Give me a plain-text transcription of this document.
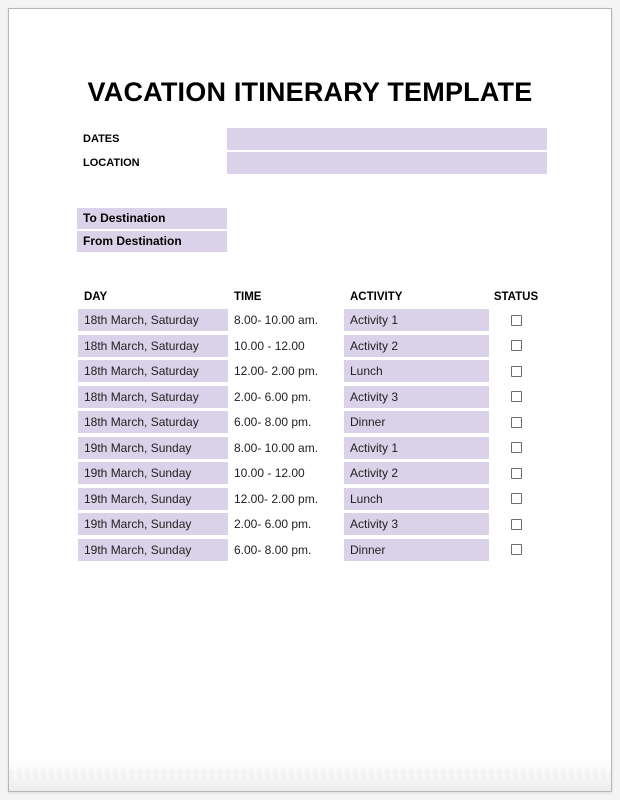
VACATION ITINERARY TEMPLATE
DATES
LOCATION
To Destination
From Destination
DAY	TIME	ACTIVITY	STATUS
18th March, Saturday	8.00- 10.00 am.	Activity 1
18th March, Saturday	10.00 - 12.00	Activity 2
18th March, Saturday	12.00- 2.00 pm.	Lunch
18th March, Saturday	2.00- 6.00 pm.	Activity 3
18th March, Saturday	6.00- 8.00 pm.	Dinner
19th March, Sunday	8.00- 10.00 am.	Activity 1
19th March, Sunday	10.00 - 12.00	Activity 2
19th March, Sunday	12.00- 2.00 pm.	Lunch
19th March, Sunday	2.00- 6.00 pm.	Activity 3
19th March, Sunday	6.00- 8.00 pm.	Dinner
